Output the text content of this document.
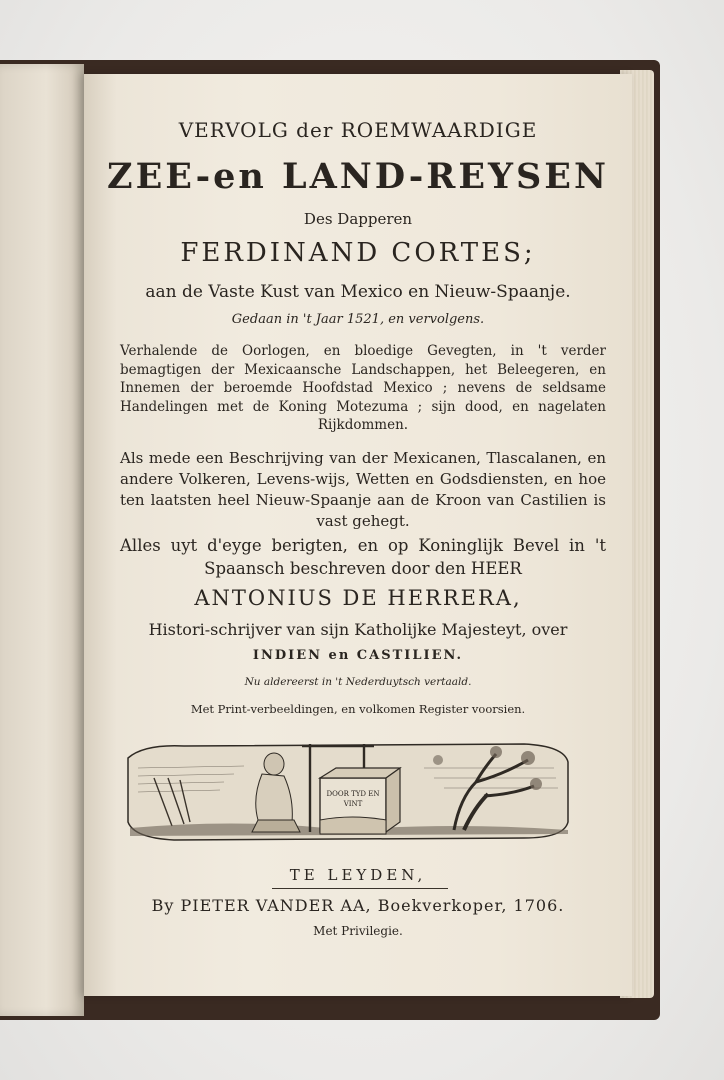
VERVOLG der ROEMWAARDIGE
ZEE-en LAND-REYSEN
Des Dapperen
FERDINAND CORTES;
aan de Vaste Kust van Mexico en Nieuw-Spaanje.
Gedaan in 't Jaar 1521, en vervolgens.
Verhalende de Oorlogen, en bloedige Gevegten, in 't verder bemagtigen der Mexicaansche Landschappen, het Beleegeren, en Innemen der beroemde Hoofdstad Mexico ; nevens de seldsame Handelingen met de Koning Motezuma ; sijn dood, en nagelaten Rijkdommen.
Als mede een Beschrijving van der Mexicanen, Tlascalanen, en andere Volkeren, Levens-wijs, Wetten en Godsdiensten, en hoe ten laatsten heel Nieuw-Spaanje aan de Kroon van Castilien is vast gehegt.
Alles uyt d'eyge berigten, en op Koninglijk Bevel in 't Spaansch beschreven door den HEER
ANTONIUS DE HERRERA,
Histori-schrijver van sijn Katholijke Majesteyt, over
INDIEN en CASTILIEN.
Nu aldereerst in 't Nederduytsch vertaald.
Met Print-verbeeldingen, en volkomen Register voorsien.
DOOR TYD EN
VINT
TE LEYDEN,
By PIETER VANDER AA, Boekverkoper, 1706.
Met Privilegie.
